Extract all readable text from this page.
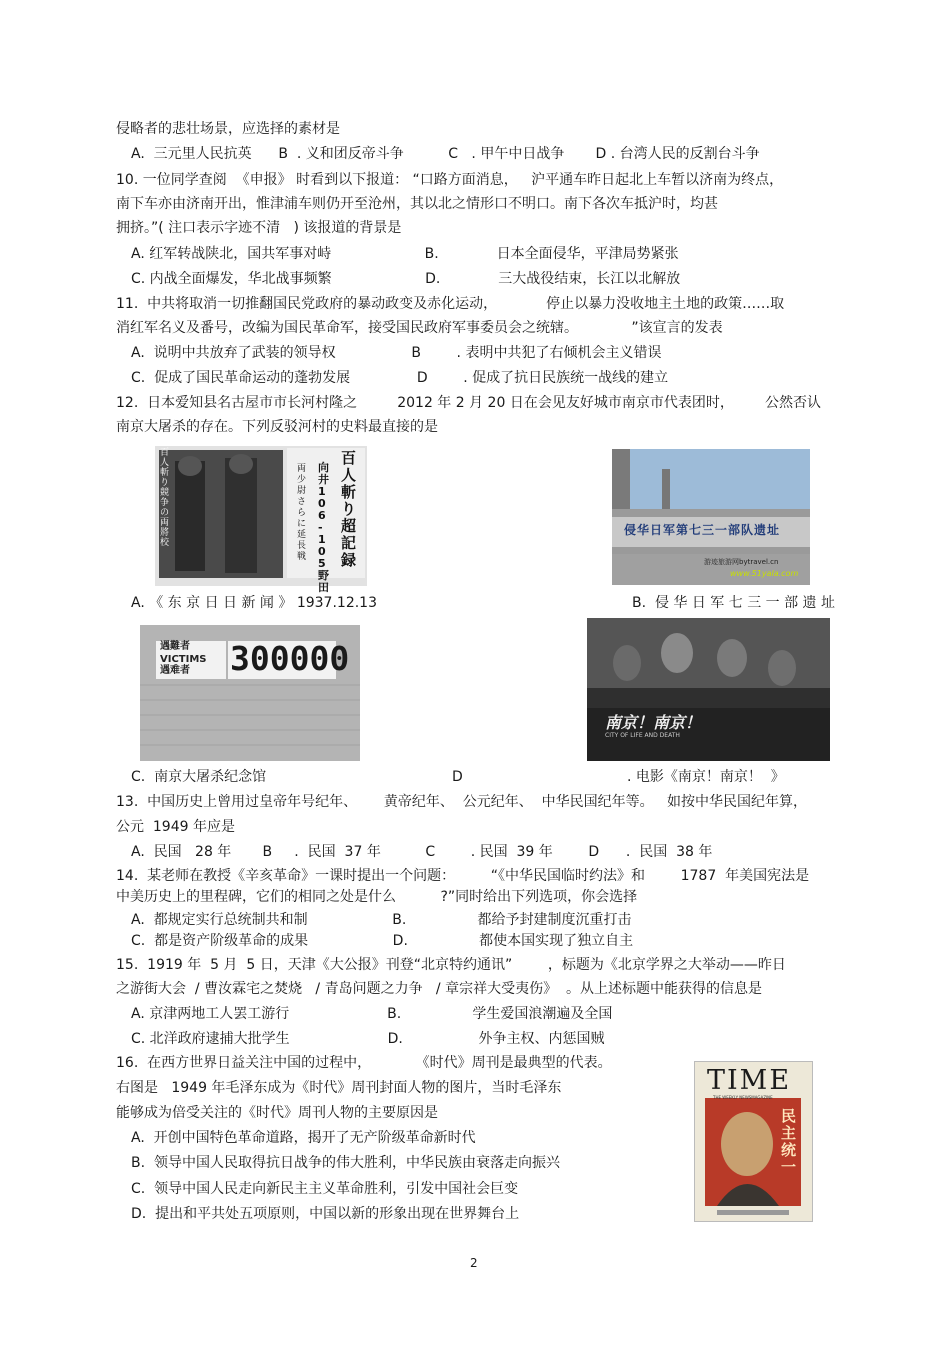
侵略者的悲壮场景，应选择的素材是
A.  三元里人民抗英      B  . 义和团反帝斗争          C   . 甲午中日战争       D . 台湾人民的反割台斗争
10. 一位同学查阅  《申报》 时看到以下报道： “口路方面消息，   沪平通车昨日起北上车暂以济南为终点，
南下车亦由济南开出，惟津浦车则仍开至沧州，其以北之情形口不明口。南下各次车抵沪时，均甚
拥挤。”( 注口表示字迹不清   ) 该报道的背景是
A. 红军转战陕北，国共军事对峙                     B.             日本全面侵华，平津局势紧张
C. 内战全面爆发，华北战事频繁                     D.             三大战役结束，长江以北解放
11.  中共将取消一切推翻国民党政府的暴动政变及赤化运动，           停止以暴力没收地主土地的政策……取
消红军名义及番号，改编为国民革命军，接受国民政府军事委员会之统辖。            ”该宣言的发表
A.  说明中共放弃了武装的领导权                 B        . 表明中共犯了右倾机会主义错误
C.  促成了国民革命运动的蓬勃发展               D        . 促成了抗日民族统一战线的建立
12.  日本爱知县名古屋市市长河村隆之         2012 年 2 月 20 日在会见友好城市南京市代表团时，       公然否认
南京大屠杀的存在。下列反驳河村的史料最直接的是
百人斬り競争の両將校
百人斬り超記録
向井106-105野田
両少尉さらに延長戦
侵华日军第七三一部队遗址
游迹旅游网bytravel.cn
www.51yala.com
A. 《 东 京 日 日 新 闻 》 1937.12.13	B.  侵 华 日 军 七 三 一 部 遗 址
遇難者
VICTIMS
遇难者 300000
南京！南京！
CITY OF LIFE AND DEATH
C.  南京大屠杀纪念馆	D	. 电影《南京！南京！  》
13.  中国历史上曾用过皇帝年号纪年、      黄帝纪年、  公元纪年、  中华民国纪年等。   如按中华民国纪年算，
公元  1949 年应是
A.  民国   28 年       B     .  民国  37 年          C        . 民国  39 年        D      .  民国  38 年
14.  某老师在教授《辛亥革命》一课时提出一个问题：        “《中华民国临时约法》和        1787  年美国宪法是
中美历史上的里程碑，它们的相同之处是什么          ?”同时给出下列选项，你会选择
A.  都规定实行总统制共和制                   B.                都给予封建制度沉重打击
C.  都是资产阶级革命的成果                   D.                都使本国实现了独立自主
15.  1919 年  5 月  5 日，天津《大公报》刊登“北京特约通讯”        ，标题为《北京学界之大举动——昨日
之游街大会  / 曹汝霖宅之焚烧   / 青岛问题之力争   / 章宗祥大受夷伤》  。从上述标题中能获得的信息是
A. 京津两地工人罢工游行                      B.                学生爱国浪潮遍及全国
C. 北洋政府逮捕大批学生                      D.                 外争主权、内惩国贼
16.  在西方世界日益关注中国的过程中，          《时代》周刊是最典型的代表。
右图是   1949 年毛泽东成为《时代》周刊封面人物的图片，当时毛泽东
能够成为倍受关注的《时代》周刊人物的主要原因是
A.  开创中国特色革命道路，揭开了无产阶级革命新时代
B.  领导中国人民取得抗日战争的伟大胜利，中华民族由衰落走向振兴
C.  领导中国人民走向新民主主义革命胜利，引发中国社会巨变
D.  提出和平共处五项原则，中国以新的形象出现在世界舞台上
TIME
THE WEEKLY NEWSMAGAZINE
民主统一
2
